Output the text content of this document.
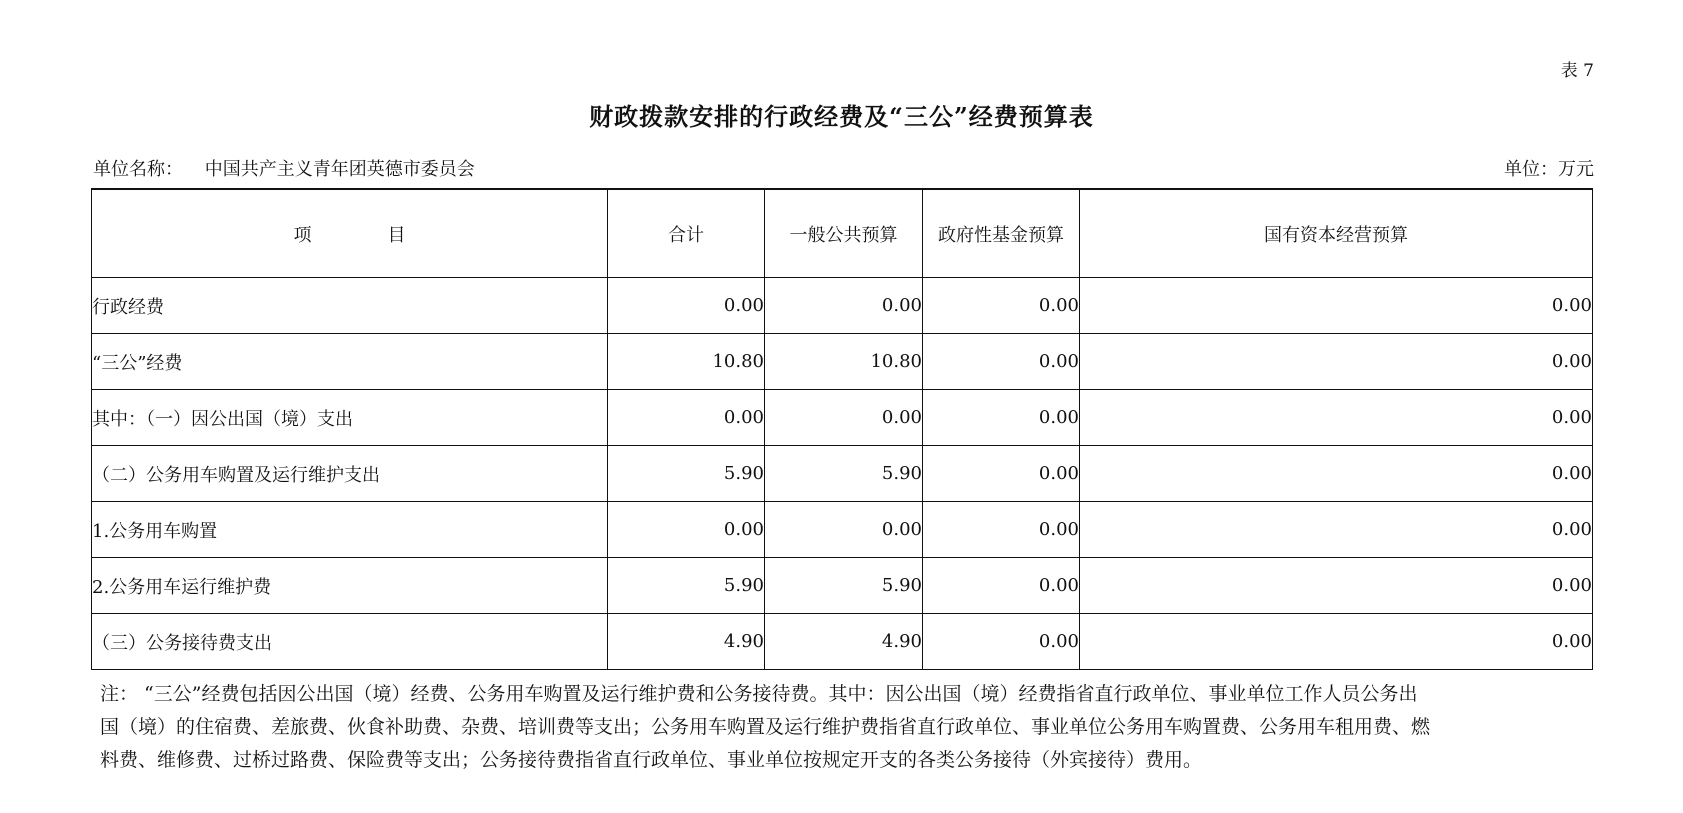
表 7
财政拨款安排的行政经费及“三公”经费预算表
单位名称： 中国共产主义青年团英德市委员会	单位：万元
项 目	合计	一般公共预算	政府性基金预算	国有资本经营预算
行政经费	0.00	0.00	0.00	0.00
“三公”经费	10.80	10.80	0.00	0.00
其中：（一）因公出国（境）支出	0.00	0.00	0.00	0.00
（二）公务用车购置及运行维护支出	5.90	5.90	0.00	0.00
1.公务用车购置	0.00	0.00	0.00	0.00
2.公务用车运行维护费	5.90	5.90	0.00	0.00
（三）公务接待费支出	4.90	4.90	0.00	0.00

注： “三公”经费包括因公出国（境）经费、公务用车购置及运行维护费和公务接待费。其中：因公出国（境）经费指省直行政单位、事业单位工作人员公务出

国（境）的住宿费、差旅费、伙食补助费、杂费、培训费等支出；公务用车购置及运行维护费指省直行政单位、事业单位公务用车购置费、公务用车租用费、燃

料费、维修费、过桥过路费、保险费等支出；公务接待费指省直行政单位、事业单位按规定开支的各类公务接待（外宾接待）费用。
